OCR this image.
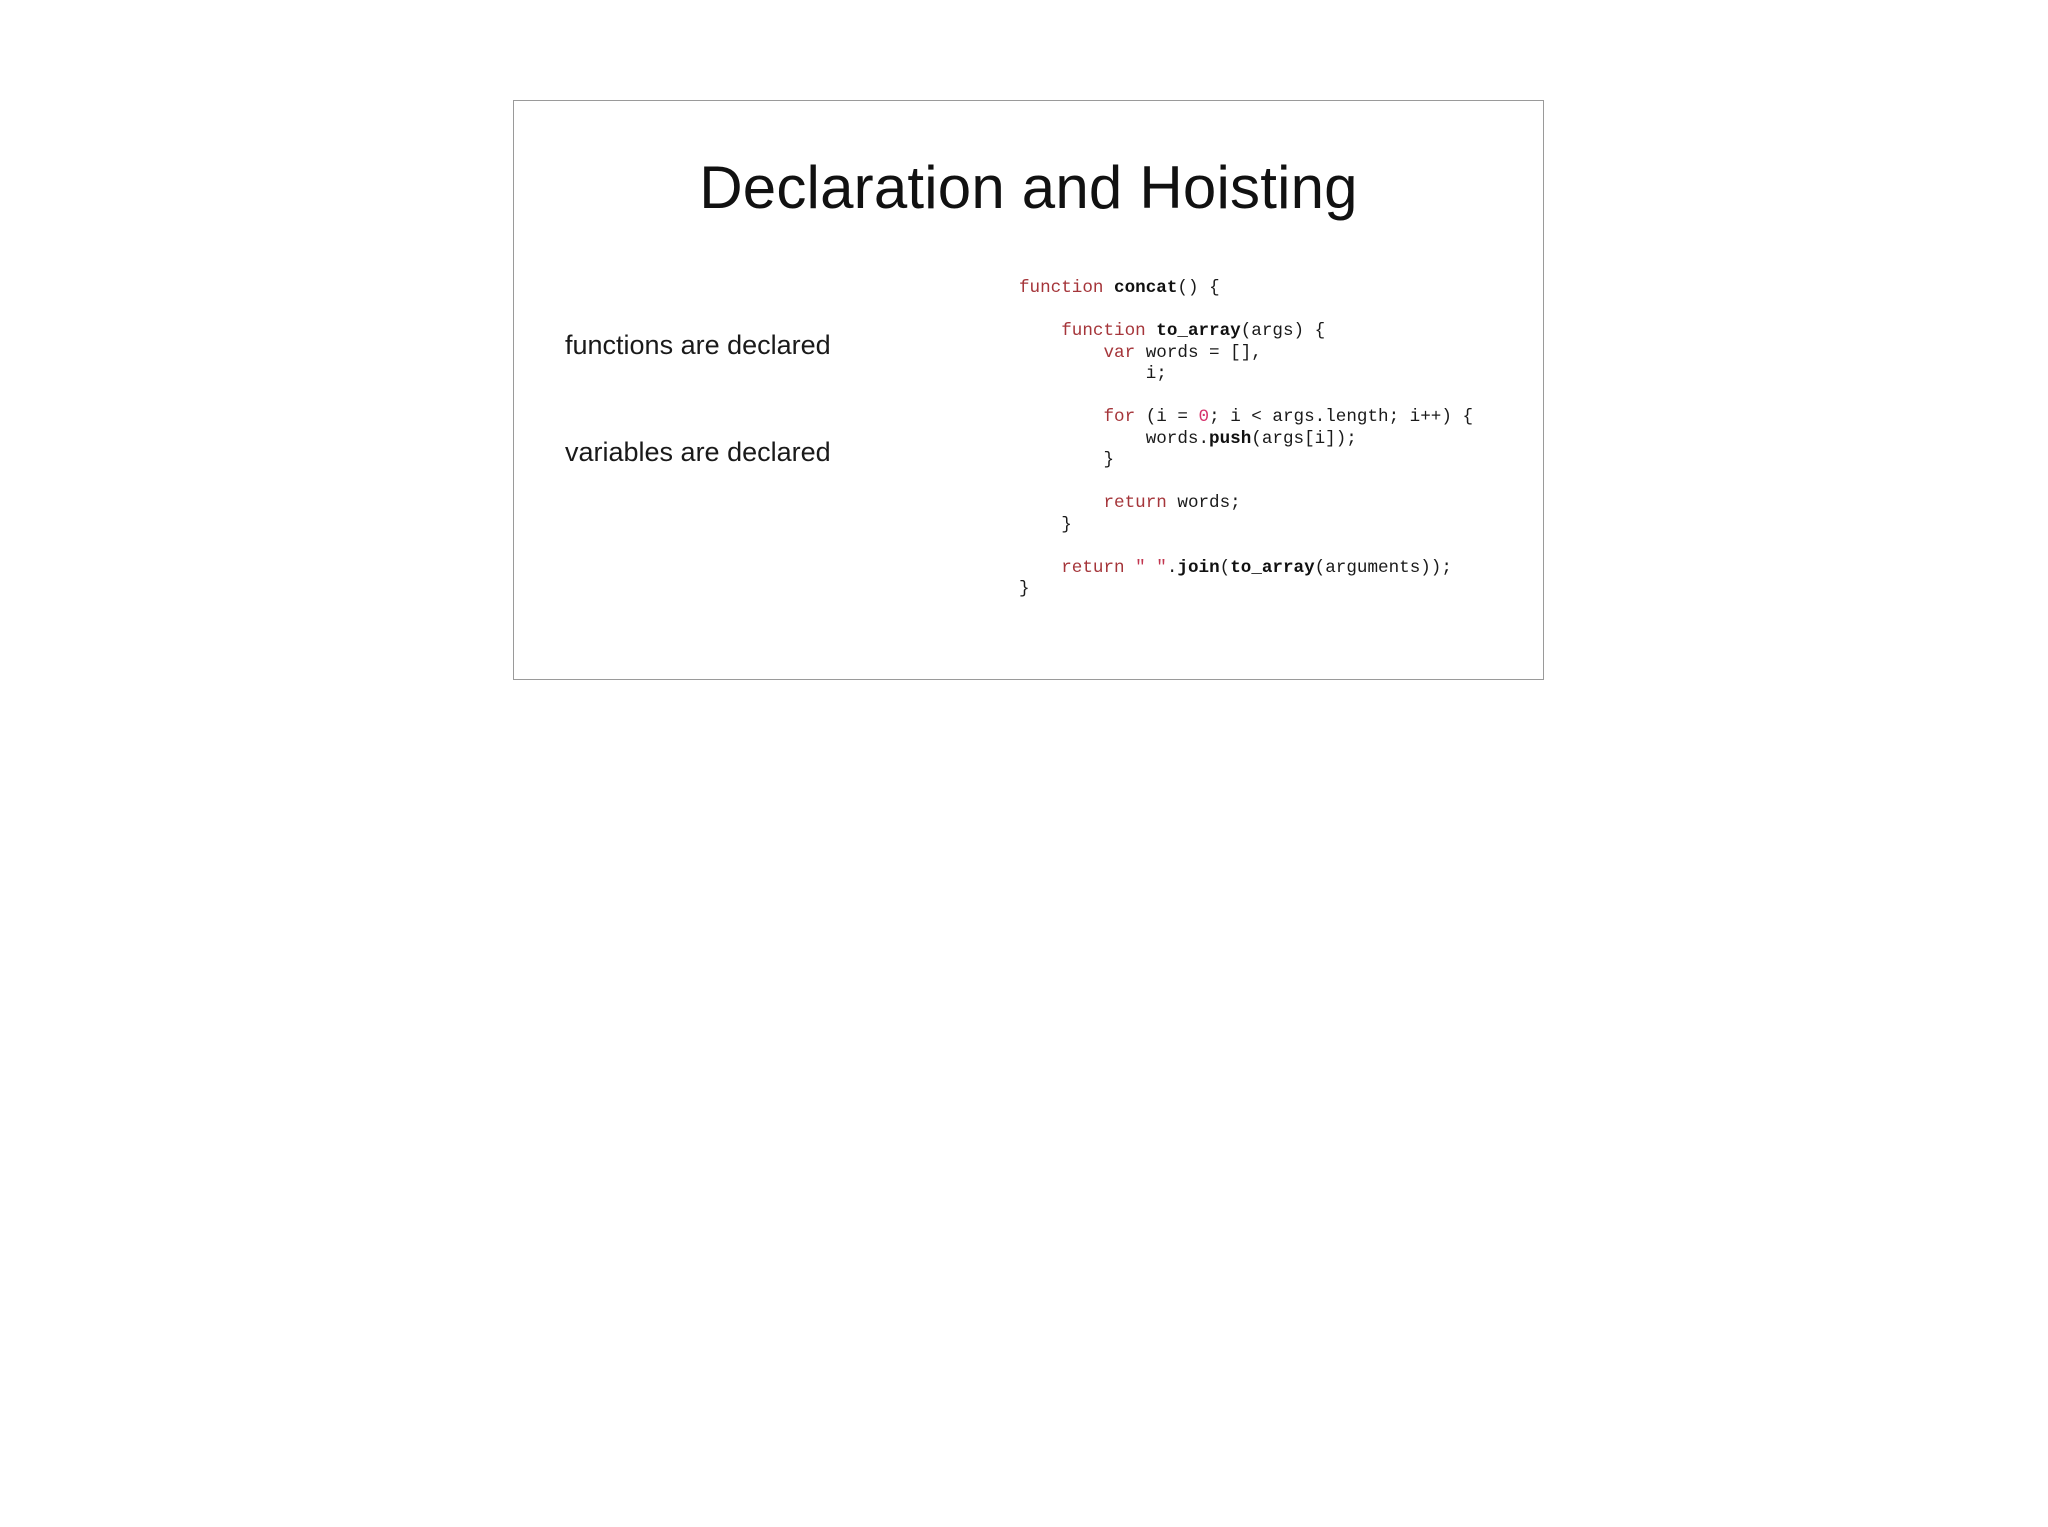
Declaration and Hoisting
functions are declared
variables are declared
function concat() {

function to_array(args) {
var words = [],
i;

for (i = 0; i < args.length; i++) {
words.push(args[i]);
}

return words;
}

return " ".join(to_array(arguments));
}
